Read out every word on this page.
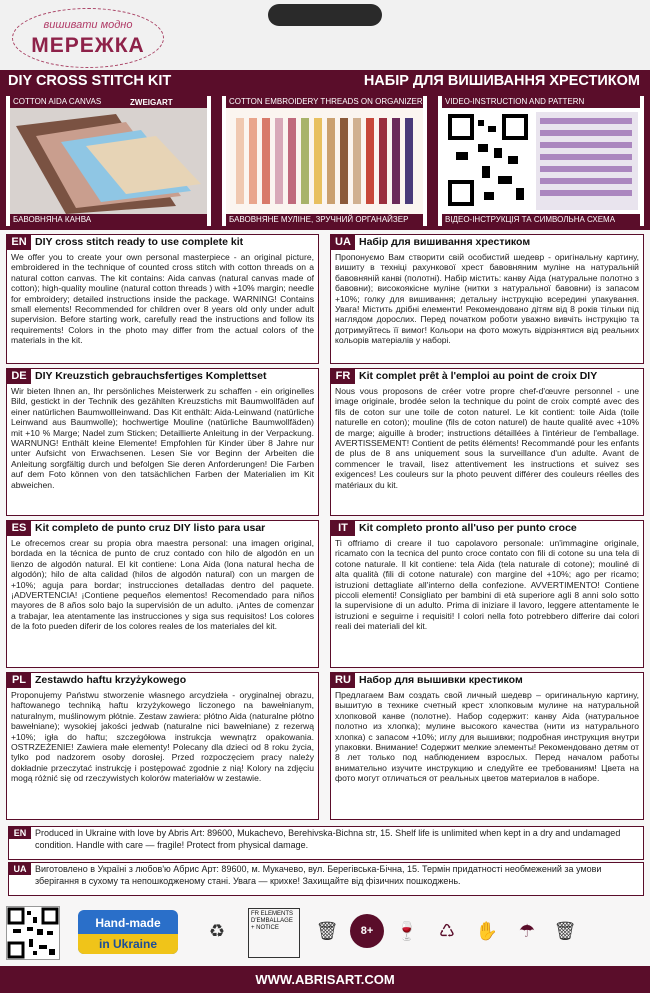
вишивати модно
МЕРЕЖКА
DIY CROSS STITCH KIT	НАБІР ДЛЯ ВИШИВАННЯ ХРЕСТИКОМ
COTTON AIDA CANVAS	ZWEIGART
БАВОВНЯНА КАНВА
COTTON EMBROIDERY THREADS ON ORGANIZER
БАВОВНЯНЕ МУЛІНЕ, ЗРУЧНИЙ ОРГАНАЙЗЕР
VIDEO-INSTRUCTION AND PATTERN
ВІДЕО-ІНСТРУКЦІЯ ТА СИМВОЛЬНА СХЕМА
EN DIY cross stitch ready to use complete kit
We offer you to create your own personal masterpiece - an original picture, embroidered in the technique of counted cross stitch with cotton threads on a natural cotton canvas. The kit contains: Aida canvas (natural canvas made of cotton); high-quality mouline (natural cotton threads ) with +10% margin; needle for embroidery; detailed instructions inside the package. WARNING! Contains small elements! Recommended for children over 8 years old only under adult supervision. Before starting work, carefully read the instructions and follow its requirements! Colors in the photo may differ from the actual colors of the materials in the kit.
UA Набір для вишивання хрестиком
Пропонуємо Вам створити свій особистий шедевр - оригінальну картину, вишиту в техніці рахункової хрест бавовняним муліне на натуральній бавовняній канві (полотні). Набір містить: канву Аіда (натуральне полотно з бавовни); високоякісне муліне (нитки з натуральної бавовни) із запасом +10%; голку для вишивання; детальну інструкцію всередині упакування. Увага! Містить дрібні елементи! Рекомендовано дітям від 8 років тільки під наглядом дорослих. Перед початком роботи уважно вивчіть інструкцію та дотримуйтесь її вимог! Кольори на фото можуть відрізнятися від реальних кольорів матеріалів у наборі.
DE DIY Kreuzstich gebrauchsfertiges Komplettset
Wir bieten Ihnen an, Ihr persönliches Meisterwerk zu schaffen - ein originelles Bild, gestickt in der Technik des gezählten Kreuzstichs mit Baumwollfäden auf einer natürlichen Baumwollleinwand. Das Kit enthält: Aida-Leinwand (natürliche Leinwand aus Baumwolle); hochwertige Mouline (natürliche Baumwollfäden) mit +10 % Marge; Nadel zum Sticken; Detaillierte Anleitung in der Verpackung. WARNUNG! Enthält kleine Elemente! Empfohlen für Kinder über 8 Jahre nur unter Aufsicht von Erwachsenen. Lesen Sie vor Beginn der Arbeiten die Anleitung sorgfältig durch und befolgen Sie deren Anforderungen! Die Farben auf dem Foto können von den tatsächlichen Farben der Materialien im Kit abweichen.
FR Kit complet prêt à l'emploi au point de croix DIY
Nous vous proposons de créer votre propre chef-d'œuvre personnel - une image originale, brodée selon la technique du point de croix compté avec des fils de coton sur une toile de coton naturel. Le kit contient: toile Aida (toile naturelle en coton); mouline (fils de coton naturel) de haute qualité avec +10% de marge; aiguille à broder; instructions détaillées à l'intérieur de l'emballage. AVERTISSEMENT! Contient de petits éléments! Recommandé pour les enfants de plus de 8 ans uniquement sous la surveillance d'un adulte. Avant de commencer le travail, lisez attentivement les instructions et suivez ses exigences! Les couleurs sur la photo peuvent différer des couleurs réelles des matériaux du kit.
ES Kit completo de punto cruz DIY listo para usar
Le ofrecemos crear su propia obra maestra personal: una imagen original, bordada en la técnica de punto de cruz contado con hilo de algodón en un lienzo de algodón natural. El kit contiene: Lona Aida (lona natural hecha de algodón); hilo de alta calidad (hilos de algodón natural) con un margen de +10%; aguja para bordar; instrucciones detalladas dentro del paquete. ¡ADVERTENCIA! ¡Contiene pequeños elementos! Recomendado para niños mayores de 8 años solo bajo la supervisión de un adulto. ¡Antes de comenzar a trabajar, lea atentamente las instrucciones y siga sus requisitos! Los colores de la foto pueden diferir de los colores reales de los materiales del kit.
IT	Kit completo pronto all'uso per punto croce
Ti offriamo di creare il tuo capolavoro personale: un'immagine originale, ricamato con la tecnica del punto croce contato con fili di cotone su una tela di cotone naturale. Il kit contiene: tela Aida (tela naturale di cotone); mouliné di alta qualità (fili di cotone naturale) con margine del +10%; ago per ricamo; istruzioni dettagliate all'interno della confezione. AVVERTIMENTO! Contiene piccoli elementi! Consigliato per bambini di età superiore agli 8 anni solo sotto la supervisione di un adulto. Prima di iniziare il lavoro, leggere attentamente le istruzioni e seguirne i requisiti! I colori nella foto potrebbero differire dai colori reali dei materiali del kit.
PL Zestawdo haftu krzyżykowego
Proponujemy Państwu stworzenie własnego arcydzieła - oryginalnej obrazu, haftowanego techniką haftu krzyżykowego liczonego na bawełnianym, naturalnym, muślinowym płótnie. Zestaw zawiera: płótno Aida (naturalne płótno bawełniane); wysokiej jakości jedwab (naturalne nici bawełniane) z rezerwą +10%; igła do haftu; szczegółowa instrukcja wewnątrz opakowania. OSTRZEŻENIE! Zawiera małe elementy! Polecany dla dzieci od 8 roku życia, tylko pod nadzorem osoby dorosłej. Przed rozpoczęciem pracy należy dokładnie przeczytać instrukcję i postępować zgodnie z nią! Kolory na zdjęciu mogą różnić się od rzeczywistych kolorów materiałów w zestawie.
RU Набор для вышивки крестиком
Предлагаем Вам создать свой личный шедевр – оригинальную картину, вышитую в технике счетный крест хлопковым мулине на натуральной хлопковой канве (полотне). Набор содержит: канву Aida (натуральное полотно из хлопка); мулине высокого качества (нити из натурального хлопка) с запасом +10%; иглу для вышивки; подробная инструкция внутри упаковки. Внимание! Содержит мелкие элементы! Рекомендовано детям от 8 лет только под наблюдением взрослых. Перед началом работы внимательно изучите инструкцию и следуйте ее требованиям! Цвета на фото могут отличаться от реальных цветов материалов в наборе.
EN Produced in Ukraine with love by Abris Art: 89600, Mukachevo, Berehivska-Bichna str, 15. Shelf life is unlimited when kept in a dry and undamaged condition. Handle with care — fragile! Protect from physical damage.
UA Виготовлено в Україні з любов'ю Абрис Арт: 89600, м. Мукачево, вул. Берегівська-Бічна, 15. Термін придатності необмежений за умови зберігання в сухому та непошкодженому стані. Увага — крихке! Захищайте від фізичних пошкоджень.
Hand-made
in Ukraine
♻
FR ELEMENTS D'EMBALLAGE + NOTICE	🗑	8+	🍷	♺	✋	☂	🗑
WWW.ABRISART.COM
